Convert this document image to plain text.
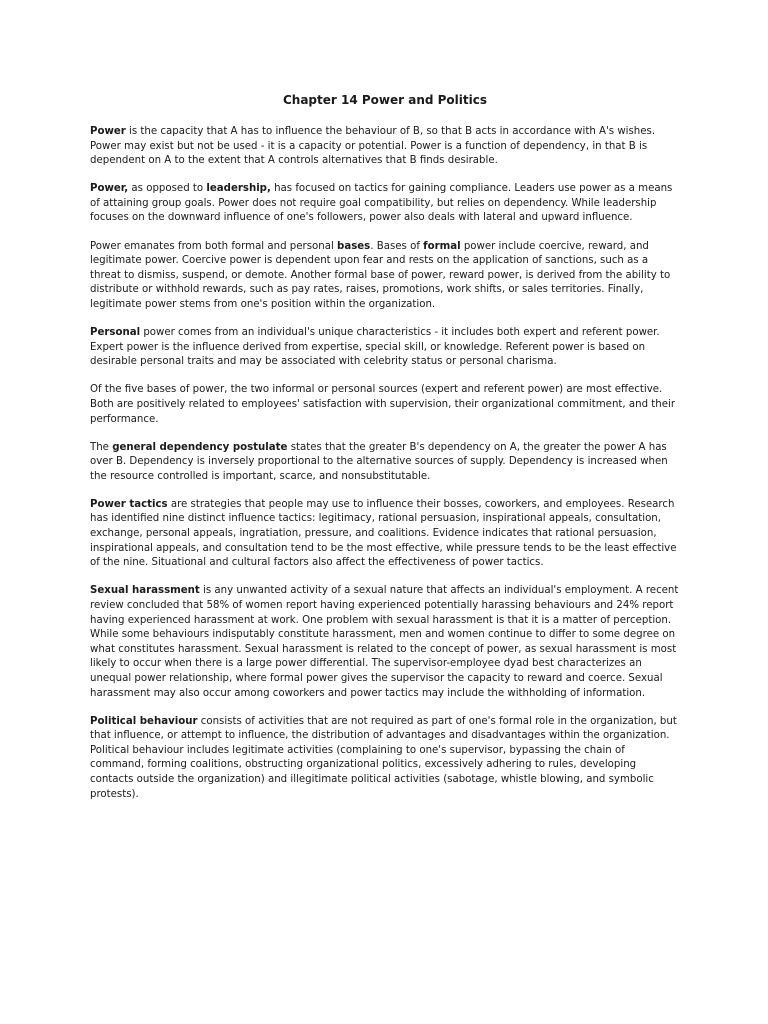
Chapter 14 Power and Politics

Power is the capacity that A has to influence the behaviour of B, so that B acts in accordance with A's wishes. Power may exist but not be used - it is a capacity or potential. Power is a function of dependency, in that B is dependent on A to the extent that A controls alternatives that B finds desirable.

Power, as opposed to leadership, has focused on tactics for gaining compliance. Leaders use power as a means of attaining group goals. Power does not require goal compatibility, but relies on dependency. While leadership focuses on the downward influence of one's followers, power also deals with lateral and upward influence.

Power emanates from both formal and personal bases. Bases of formal power include coercive, reward, and legitimate power. Coercive power is dependent upon fear and rests on the application of sanctions, such as a threat to dismiss, suspend, or demote. Another formal base of power, reward power, is derived from the ability to distribute or withhold rewards, such as pay rates, raises, promotions, work shifts, or sales territories. Finally, legitimate power stems from one's position within the organization.

Personal power comes from an individual's unique characteristics - it includes both expert and referent power. Expert power is the influence derived from expertise, special skill, or knowledge. Referent power is based on desirable personal traits and may be associated with celebrity status or personal charisma.

Of the five bases of power, the two informal or personal sources (expert and referent power) are most effective. Both are positively related to employees' satisfaction with supervision, their organizational commitment, and their performance.

The general dependency postulate states that the greater B's dependency on A, the greater the power A has over B. Dependency is inversely proportional to the alternative sources of supply. Dependency is increased when the resource controlled is important, scarce, and nonsubstitutable.

Power tactics are strategies that people may use to influence their bosses, coworkers, and employees. Research has identified nine distinct influence tactics: legitimacy, rational persuasion, inspirational appeals, consultation, exchange, personal appeals, ingratiation, pressure, and coalitions. Evidence indicates that rational persuasion, inspirational appeals, and consultation tend to be the most effective, while pressure tends to be the least effective of the nine. Situational and cultural factors also affect the effectiveness of power tactics.

Sexual harassment is any unwanted activity of a sexual nature that affects an individual's employment. A recent review concluded that 58% of women report having experienced potentially harassing behaviours and 24% report having experienced harassment at work. One problem with sexual harassment is that it is a matter of perception. While some behaviours indisputably constitute harassment, men and women continue to differ to some degree on what constitutes harassment. Sexual harassment is related to the concept of power, as sexual harassment is most likely to occur when there is a large power differential. The supervisor-employee dyad best characterizes an unequal power relationship, where formal power gives the supervisor the capacity to reward and coerce. Sexual harassment may also occur among coworkers and power tactics may include the withholding of information.

Political behaviour consists of activities that are not required as part of one's formal role in the organization, but that influence, or attempt to influence, the distribution of advantages and disadvantages within the organization. Political behaviour includes legitimate activities (complaining to one's supervisor, bypassing the chain of command, forming coalitions, obstructing organizational politics, excessively adhering to rules, developing contacts outside the organization) and illegitimate political activities (sabotage, whistle blowing, and symbolic protests).
